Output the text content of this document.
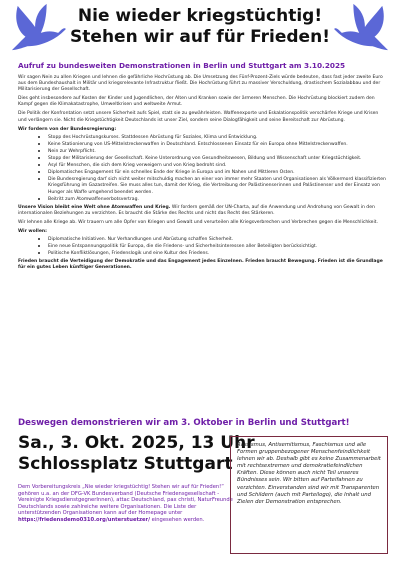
Nie wieder kriegstüchtig!
Stehen wir auf für Frieden!
Aufruf zu bundesweiten Demonstrationen in Berlin und Stuttgart am 3.10.2025

Wir sagen Nein zu allen Kriegen und lehnen die gefährliche Hochrüstung ab. Die Umsetzung des Fünf-Prozent-Ziels würde bedeuten, dass fast jeder zweite Euro aus dem Bundeshaushalt in Militär und kriegsrelevante Infrastruktur fließt. Die Hochrüstung führt zu massiver Verschuldung, drastischem Sozialabbau und der Militarisierung der Gesellschaft.

Dies geht insbesondere auf Kosten der Kinder und Jugendlichen, der Alten und Kranken sowie der ärmeren Menschen. Die Hochrüstung blockiert zudem den Kampf gegen die Klimakatastrophe, Umweltkrisen und weltweite Armut.

Die Politik der Konfrontation setzt unsere Sicherheit aufs Spiel, statt sie zu gewährleisten. Waffenexporte und Eskalationspolitik verschärfen Kriege und Krisen und verlängern sie. Nicht die Kriegstüchtigkeit Deutschlands ist unser Ziel, sondern seine Dialogfähigkeit und seine Bereitschaft zur Abrüstung.

Wir fordern von der Bundesregierung:
• Stopp des Hochrüstungskurses. Stattdessen Abrüstung für Soziales, Klima und Entwicklung.
• Keine Stationierung von US-Mittelstreckenwaffen in Deutschland. Entschlossenen Einsatz für ein Europa ohne Mittelstreckenwaffen.
• Nein zur Wehrpflicht.
• Stopp der Militarisierung der Gesellschaft. Keine Unterordnung von Gesundheitswesen, Bildung und Wissenschaft unter Kriegstüchtigkeit.
• Asyl für Menschen, die sich dem Krieg verweigern und von Krieg bedroht sind.
• Diplomatisches Engagement für ein schnelles Ende der Kriege in Europa und im Nahen und Mittleren Osten.
• Die Bundesregierung darf sich nicht weiter mitschuldig machen an einer von immer mehr Staaten und Organisationen als Völkermord klassifizierten Kriegsführung im Gazastreifen. Sie muss alles tun, damit der Krieg, die Vertreibung der Palästinenserinnen und Palästinenser und der Einsatz von Hunger als Waffe umgehend beendet werden.
• Beitritt zum Atomwaffenverbotsvertrag.

Unsere Vision bleibt eine Welt ohne Atomwaffen und Krieg. Wir fordern gemäß der UN-Charta, auf die Anwendung und Androhung von Gewalt in den internationalen Beziehungen zu verzichten. Es braucht die Stärke des Rechts und nicht das Recht des Stärkeren.

Wir lehnen alle Kriege ab. Wir trauern um alle Opfer von Kriegen und Gewalt und verurteilen alle Kriegsverbrechen und Verbrechen gegen die Menschlichkeit.

Wir wollen:
• Diplomatische Initiativen. Nur Verhandlungen und Abrüstung schaffen Sicherheit.
• Eine neue Entspannungspolitik für Europa, die die Friedens- und Sicherheitsinteressen aller Beteiligten berücksichtigt.
• Politische Konfliktlösungen, Friedenslogik und eine Kultur des Friedens.

Frieden braucht die Verteidigung der Demokratie und das Engagement jedes Einzelnen. Frieden braucht Bewegung. Frieden ist die Grundlage für ein gutes Leben künftiger Generationen.

Deswegen demonstrieren wir am 3. Oktober in Berlin und Stuttgart!
Sa., 3. Okt. 2025, 13 Uhr
Schlossplatz Stuttgart
Dem Vorbereitungskreis „Nie wieder kriegstüchtig! Stehen wir auf für Frieden!“ gehören u.a. an der DFG-VK Bundesverband (Deutsche Friedensgesellschaft - Vereinigte KriegsdienstgegnerInnen), attac Deutschland, pax christi, NaturFreunde Deutschlands sowie zahlreiche weitere Organisationen. Die Liste der unterstützenden Organisationen kann auf der Homepage unter https://friedensdemo0310.org/unterstuetzer/ eingesehen werden.
Rassismus, Antisemitismus, Faschismus und alle Formen gruppenbezogener Menschenfeindlichkeit lehnen wir ab. Deshalb gibt es keine Zusammenarbeit mit rechtsextremen und demokratiefeindlichen Kräften. Diese können auch nicht Teil unseres Bündnisses sein. Wir bitten auf Parteifahnen zu verzichten. Einverstanden sind wir mit Transparenten und Schildern (auch mit Parteilogo), die Inhalt und Zielen der Demonstration entsprechen.
